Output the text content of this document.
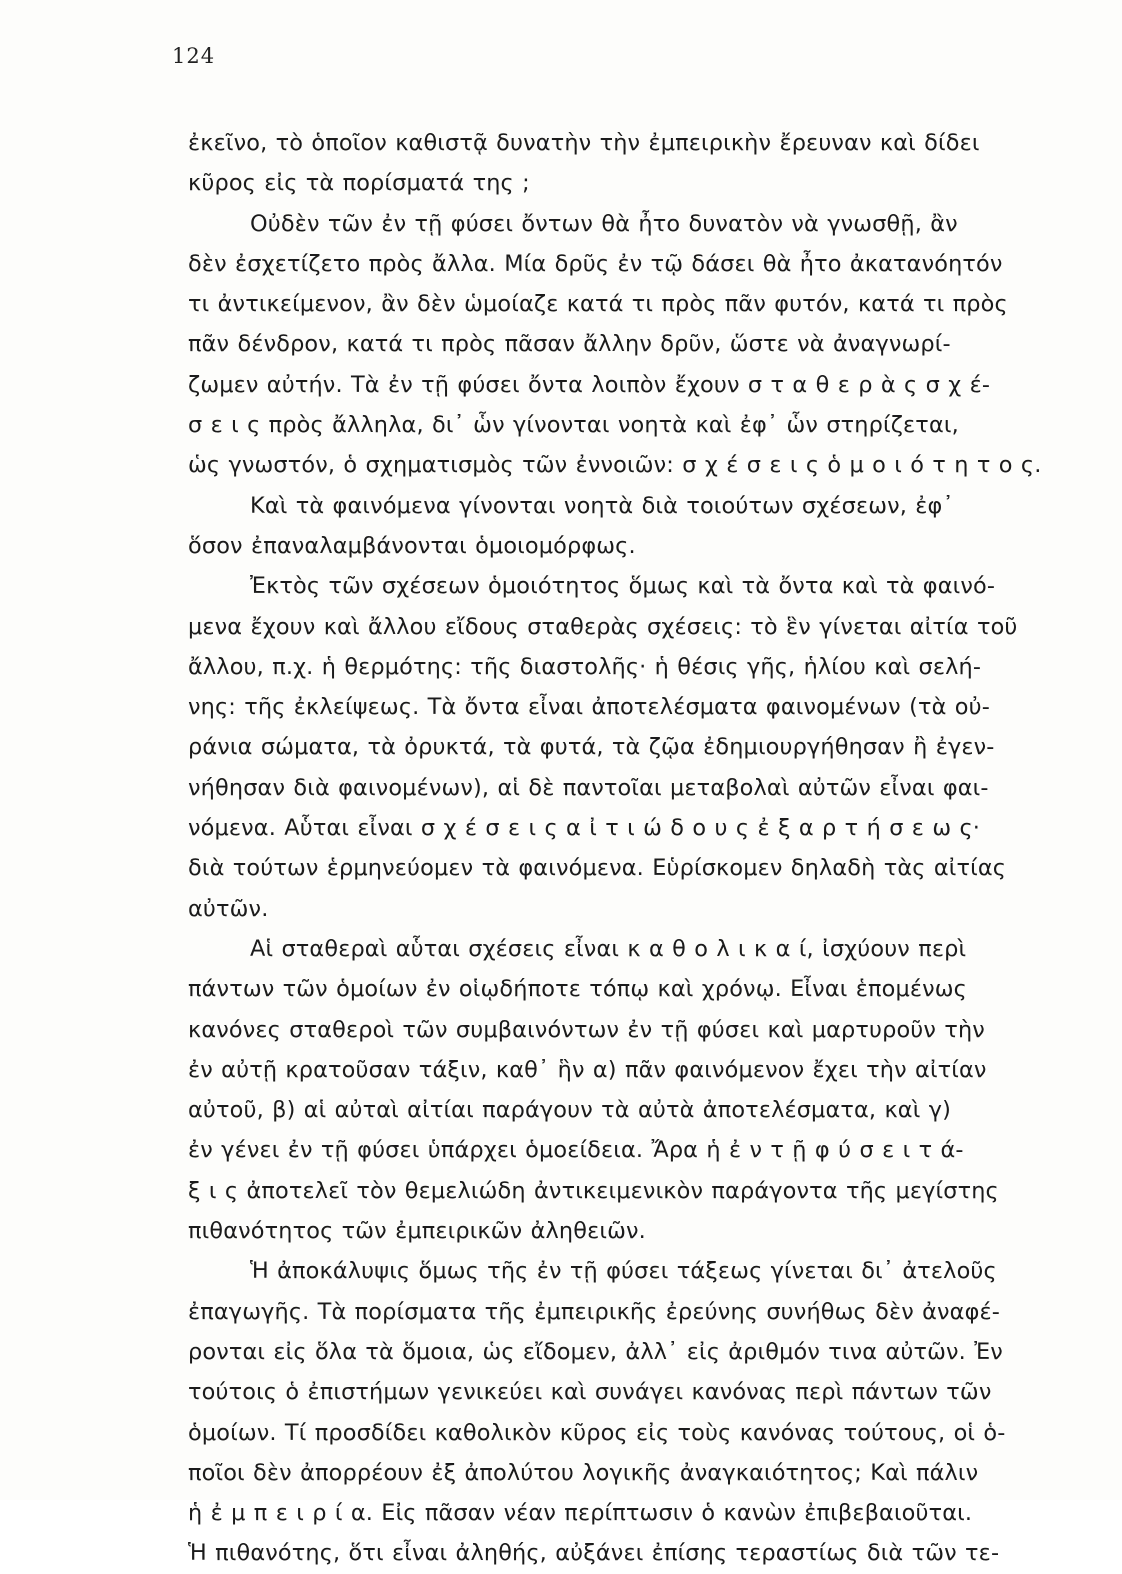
124
ἐκεῖνο, τὸ ὁποῖον καθιστᾷ δυνατὴν τὴν ἐμπειρικὴν ἔρευναν καὶ δίδει
κῦρος εἰς τὰ πορίσματά της ;
Οὐδὲν τῶν ἐν τῇ φύσει ὄντων θὰ ἦτο δυνατὸν νὰ γνωσθῇ, ἂν
δὲν ἐσχετίζετο πρὸς ἄλλα. Μία δρῦς ἐν τῷ δάσει θὰ ἦτο ἀκατανόητόν
τι ἀντικείμενον, ἂν δὲν ὡμοίαζε κατά τι πρὸς πᾶν φυτόν, κατά τι πρὸς
πᾶν δένδρον, κατά τι πρὸς πᾶσαν ἄλλην δρῦν, ὥστε νὰ ἀναγνωρί-
ζωμεν αὐτήν. Τὰ ἐν τῇ φύσει ὄντα λοιπὸν ἔχουν σ τ α θ ε ρ ὰ ς σ χ έ-
σ ε ι ς πρὸς ἄλληλα, δι᾽ ὧν γίνονται νοητὰ καὶ ἐφ᾽ ὧν στηρίζεται,
ὡς γνωστόν, ὁ σχηματισμὸς τῶν ἐννοιῶν: σ χ έ σ ε ι ς ὁ μ ο ι ό τ η τ ο ς.
Καὶ τὰ φαινόμενα γίνονται νοητὰ διὰ τοιούτων σχέσεων, ἐφ᾽
ὅσον ἐπαναλαμβάνονται ὁμοιομόρφως.
Ἐκτὸς τῶν σχέσεων ὁμοιότητος ὅμως καὶ τὰ ὄντα καὶ τὰ φαινό-
μενα ἔχουν καὶ ἄλλου εἴδους σταθερὰς σχέσεις: τὸ ἓν γίνεται αἰτία τοῦ
ἄλλου, π.χ. ἡ θερμότης: τῆς διαστολῆς· ἡ θέσις γῆς, ἡλίου καὶ σελή-
νης: τῆς ἐκλείψεως. Τὰ ὄντα εἶναι ἀποτελέσματα φαινομένων (τὰ οὐ-
ράνια σώματα, τὰ ὀρυκτά, τὰ φυτά, τὰ ζῷα ἐδημιουργήθησαν ἢ ἐγεν-
νήθησαν διὰ φαινομένων), αἱ δὲ παντοῖαι μεταβολαὶ αὐτῶν εἶναι φαι-
νόμενα. Αὗται εἶναι σ χ έ σ ε ι ς α ἰ τ ι ώ δ ο υ ς ἐ ξ α ρ τ ή σ ε ω ς·
διὰ τούτων ἑρμηνεύομεν τὰ φαινόμενα. Εὑρίσκομεν δηλαδὴ τὰς αἰτίας
αὐτῶν.
Αἱ σταθεραὶ αὗται σχέσεις εἶναι κ α θ ο λ ι κ α ί, ἰσχύουν περὶ
πάντων τῶν ὁμοίων ἐν οἱῳδήποτε τόπῳ καὶ χρόνῳ. Εἶναι ἑπομένως
κανόνες σταθεροὶ τῶν συμβαινόντων ἐν τῇ φύσει καὶ μαρτυροῦν τὴν
ἐν αὐτῇ κρατοῦσαν τάξιν, καθ᾽ ἣν α) πᾶν φαινόμενον ἔχει τὴν αἰτίαν
αὐτοῦ, β) αἱ αὐταὶ αἰτίαι παράγουν τὰ αὐτὰ ἀποτελέσματα, καὶ γ)
ἐν γένει ἐν τῇ φύσει ὑπάρχει ὁμοείδεια. Ἄρα ἡ ἐ ν τ ῇ φ ύ σ ε ι τ ά-
ξ ι ς ἀποτελεῖ τὸν θεμελιώδη ἀντικειμενικὸν παράγοντα τῆς μεγίστης
πιθανότητος τῶν ἐμπειρικῶν ἀληθειῶν.
Ἡ ἀποκάλυψις ὅμως τῆς ἐν τῇ φύσει τάξεως γίνεται δι᾽ ἀτελοῦς
ἐπαγωγῆς. Τὰ πορίσματα τῆς ἐμπειρικῆς ἐρεύνης συνήθως δὲν ἀναφέ-
ρονται εἰς ὅλα τὰ ὅμοια, ὡς εἴδομεν, ἀλλ᾽ εἰς ἀριθμόν τινα αὐτῶν. Ἐν
τούτοις ὁ ἐπιστήμων γενικεύει καὶ συνάγει κανόνας περὶ πάντων τῶν
ὁμοίων. Τί προσδίδει καθολικὸν κῦρος εἰς τοὺς κανόνας τούτους, οἱ ὁ-
ποῖοι δὲν ἀπορρέουν ἐξ ἀπολύτου λογικῆς ἀναγκαιότητος; Καὶ πάλιν
ἡ ἐ μ π ε ι ρ ί α. Εἰς πᾶσαν νέαν περίπτωσιν ὁ κανὼν ἐπιβεβαιοῦται.
Ἡ πιθανότης, ὅτι εἶναι ἀληθής, αὐξάνει ἐπίσης τεραστίως διὰ τῶν τε-
